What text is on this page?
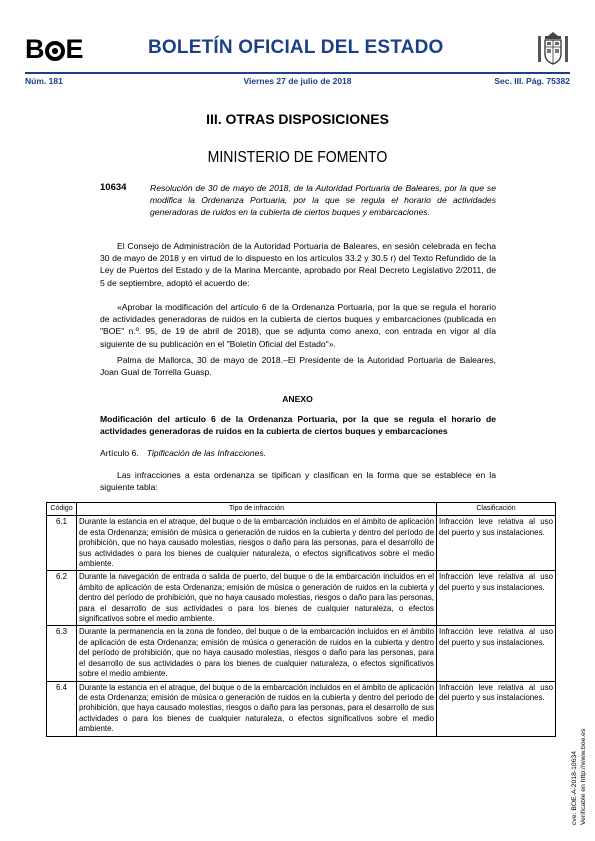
B E	BOLETÍN OFICIAL DEL ESTADO
Núm. 181	Viernes 27 de julio de 2018	Sec. III. Pág. 75382
III. OTRAS DISPOSICIONES
MINISTERIO DE FOMENTO
10634	Resolución de 30 de mayo de 2018, de la Autoridad Portuaria de Baleares, por la que se modifica la Ordenanza Portuaria, por la que se regula el horario de actividades generadoras de ruidos en la cubierta de ciertos buques y embarcaciones.
El Consejo de Administración de la Autoridad Portuaria de Baleares, en sesión celebrada en fecha 30 de mayo de 2018 y en virtud de lo dispuesto en los artículos 33.2 y 30.5 r) del Texto Refundido de la Ley de Puertos del Estado y de la Marina Mercante, aprobado por Real Decreto Legislativo 2/2011, de 5 de septiembre, adoptó el acuerdo de:
«Aprobar la modificación del artículo 6 de la Ordenanza Portuaria, por la que se regula el horario de actividades generadoras de ruidos en la cubierta de ciertos buques y embarcaciones (publicada en "BOE" n.º. 95, de 19 de abril de 2018), que se adjunta como anexo, con entrada en vigor al día siguiente de su publicación en el "Boletín Oficial del Estado"».
Palma de Mallorca, 30 de mayo de 2018.–El Presidente de la Autoridad Portuaria de Baleares, Joan Gual de Torrella Guasp.
ANEXO
Modificación del artículo 6 de la Ordenanza Portuaria, por la que se regula el horario de actividades generadoras de ruidos en la cubierta de ciertos buques y embarcaciones
Artículo 6. Tipificación de las Infracciones.
Las infracciones a esta ordenanza se tipifican y clasifican en la forma que se establece en la siguiente tabla:
Código	Tipo de infracción	Clasificación
6.1	Durante la estancia en el atraque, del buque o de la embarcación incluidos en el ámbito de aplicación de esta Ordenanza; emisión de música o generación de ruidos en la cubierta y dentro del período de prohibición, que no haya causado molestias, riesgos o daño para las personas, para el desarrollo de sus actividades o para los bienes de cualquier naturaleza, o efectos significativos sobre el medio ambiente.	Infracción leve relativa al uso del puerto y sus instalaciones.
6.2	Durante la navegación de entrada o salida de puerto, del buque o de la embarcación incluidos en el ámbito de aplicación de esta Ordenanza; emisión de música o generación de ruidos en la cubierta y dentro del período de prohibición, que no haya causado molestias, riesgos o daño para las personas, para el desarrollo de sus actividades o para los bienes de cualquier naturaleza, o efectos significativos sobre el medio ambiente.	Infracción leve relativa al uso del puerto y sus instalaciones.
6.3	Durante la permanencia en la zona de fondeo, del buque o de la embarcación incluidos en el ámbito de aplicación de esta Ordenanza; emisión de música o generación de ruidos en la cubierta y dentro del período de prohibición, que no haya causado molestias, riesgos o daño para las personas, para el desarrollo de sus actividades o para los bienes de cualquier naturaleza, o efectos significativos sobre el medio ambiente.	Infracción leve relativa al uso del puerto y sus instalaciones.
6.4	Durante la estancia en el atraque, del buque o de la embarcación incluidos en el ámbito de aplicación de esta Ordenanza; emisión de música o generación de ruidos en la cubierta y dentro del período de prohibición, que haya causado molestias, riesgos o daño para las personas, para el desarrollo de sus actividades o para los bienes de cualquier naturaleza, o efectos significativos sobre el medio ambiente.	Infracción leve relativa al uso del puerto y sus instalaciones.
cve: BOE-A-2018-10634 Verificable en http://www.boe.es
